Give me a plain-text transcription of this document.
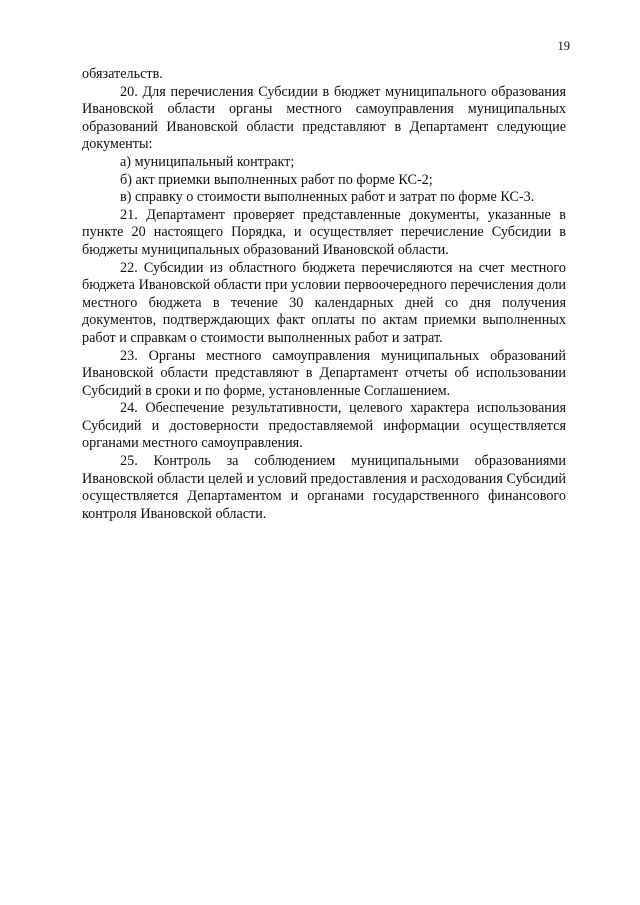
19

обязательств.

20. Для перечисления Субсидии в бюджет муниципального образования Ивановской области органы местного самоуправления муниципальных образований Ивановской области представляют в Департамент следующие документы:

а) муниципальный контракт;

б) акт приемки выполненных работ по форме КС-2;

в) справку о стоимости выполненных работ и затрат по форме КС-3.

21. Департамент проверяет представленные документы, указанные в пункте 20 настоящего Порядка, и осуществляет перечисление Субсидии в бюджеты муниципальных образований Ивановской области.

22. Субсидии из областного бюджета перечисляются на счет местного бюджета Ивановской области при условии первоочередного перечисления доли местного бюджета в течение 30 календарных дней со дня получения документов, подтверждающих факт оплаты по актам приемки выполненных работ и справкам о стоимости выполненных работ и затрат.

23. Органы местного самоуправления муниципальных образований Ивановской области представляют в Департамент отчеты об использовании Субсидий в сроки и по форме, установленные Соглашением.

24. Обеспечение результативности, целевого характера использования Субсидий и достоверности предоставляемой информации осуществляется органами местного самоуправления.

25. Контроль за соблюдением муниципальными образованиями Ивановской области целей и условий предоставления и расходования Субсидий осуществляется Департаментом и органами государственного финансового контроля Ивановской области.
